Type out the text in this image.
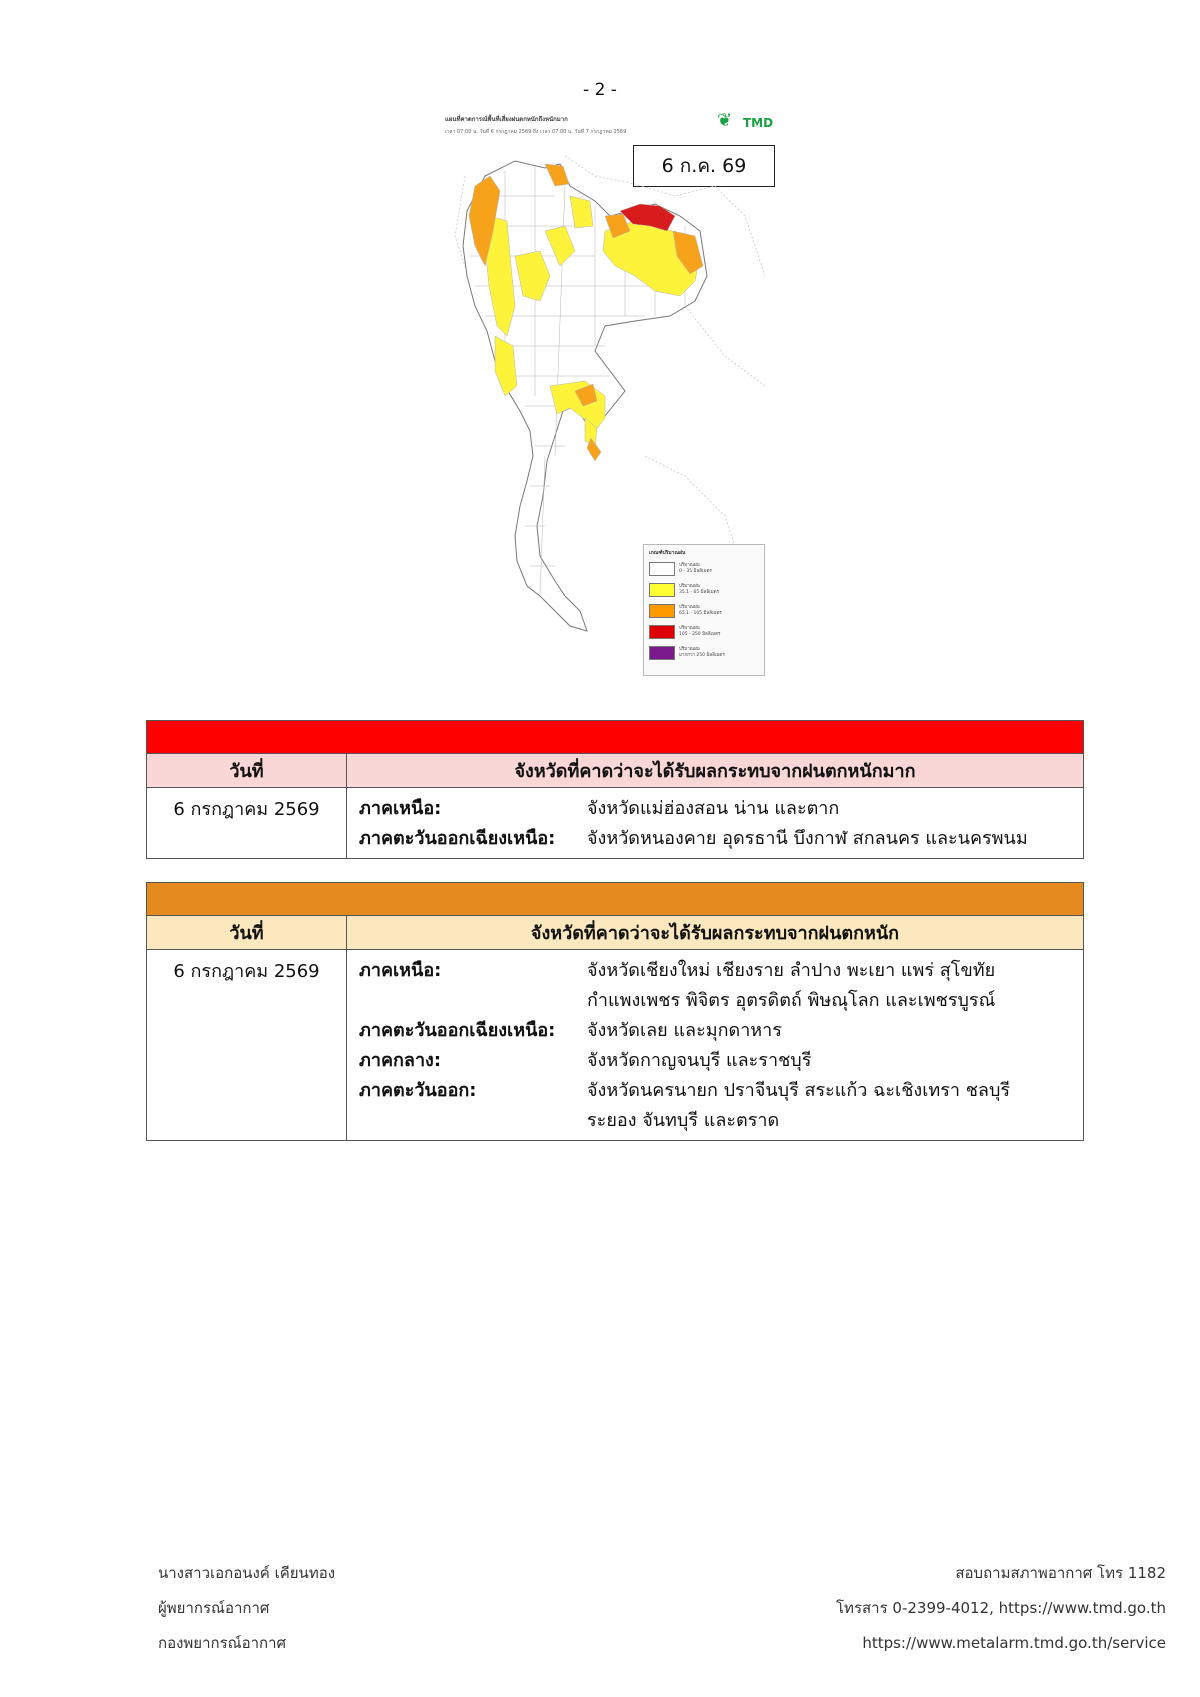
- 2 -
แผนที่คาดการณ์พื้นที่เสี่ยงฝนตกหนักถึงหนักมาก
เวลา 07:00 น. วันที่ 6 กรกฎาคม 2569 ถึง เวลา 07:00 น. วันที่ 7 กรกฎาคม 2569
❦ TMD
6 ก.ค. 69
เกณฑ์ปริมาณฝน
ปริมาณฝน
0 - 35 มิลลิเมตร
ปริมาณฝน
35.1 - 65 มิลลิเมตร
ปริมาณฝน
65.1 - 105 มิลลิเมตร
ปริมาณฝน
105 - 250 มิลลิเมตร
ปริมาณฝน
มากกว่า 250 มิลลิเมตร
วันที่	จังหวัดที่คาดว่าจะได้รับผลกระทบจากฝนตกหนักมาก
6 กรกฎาคม 2569	ภาคเหนือ:	จังหวัดแม่ฮ่องสอน น่าน และตาก
ภาคตะวันออกเฉียงเหนือ:	จังหวัดหนองคาย อุดรธานี บึงกาฬ สกลนคร และนครพนม
วันที่	จังหวัดที่คาดว่าจะได้รับผลกระทบจากฝนตกหนัก
6 กรกฎาคม 2569	ภาคเหนือ:	จังหวัดเชียงใหม่ เชียงราย ลำปาง พะเยา แพร่ สุโขทัย
กำแพงเพชร พิจิตร อุตรดิตถ์ พิษณุโลก และเพชรบูรณ์
ภาคตะวันออกเฉียงเหนือ:	จังหวัดเลย และมุกดาหาร
ภาคกลาง:	จังหวัดกาญจนบุรี และราชบุรี
ภาคตะวันออก:	จังหวัดนครนายก ปราจีนบุรี สระแก้ว ฉะเชิงเทรา ชลบุรี
ระยอง จันทบุรี และตราด
นางสาวเอกอนงค์ เคียนทอง
ผู้พยากรณ์อากาศ
กองพยากรณ์อากาศ
สอบถามสภาพอากาศ โทร 1182
โทรสาร 0-2399-4012, https://www.tmd.go.th
https://www.metalarm.tmd.go.th/service
